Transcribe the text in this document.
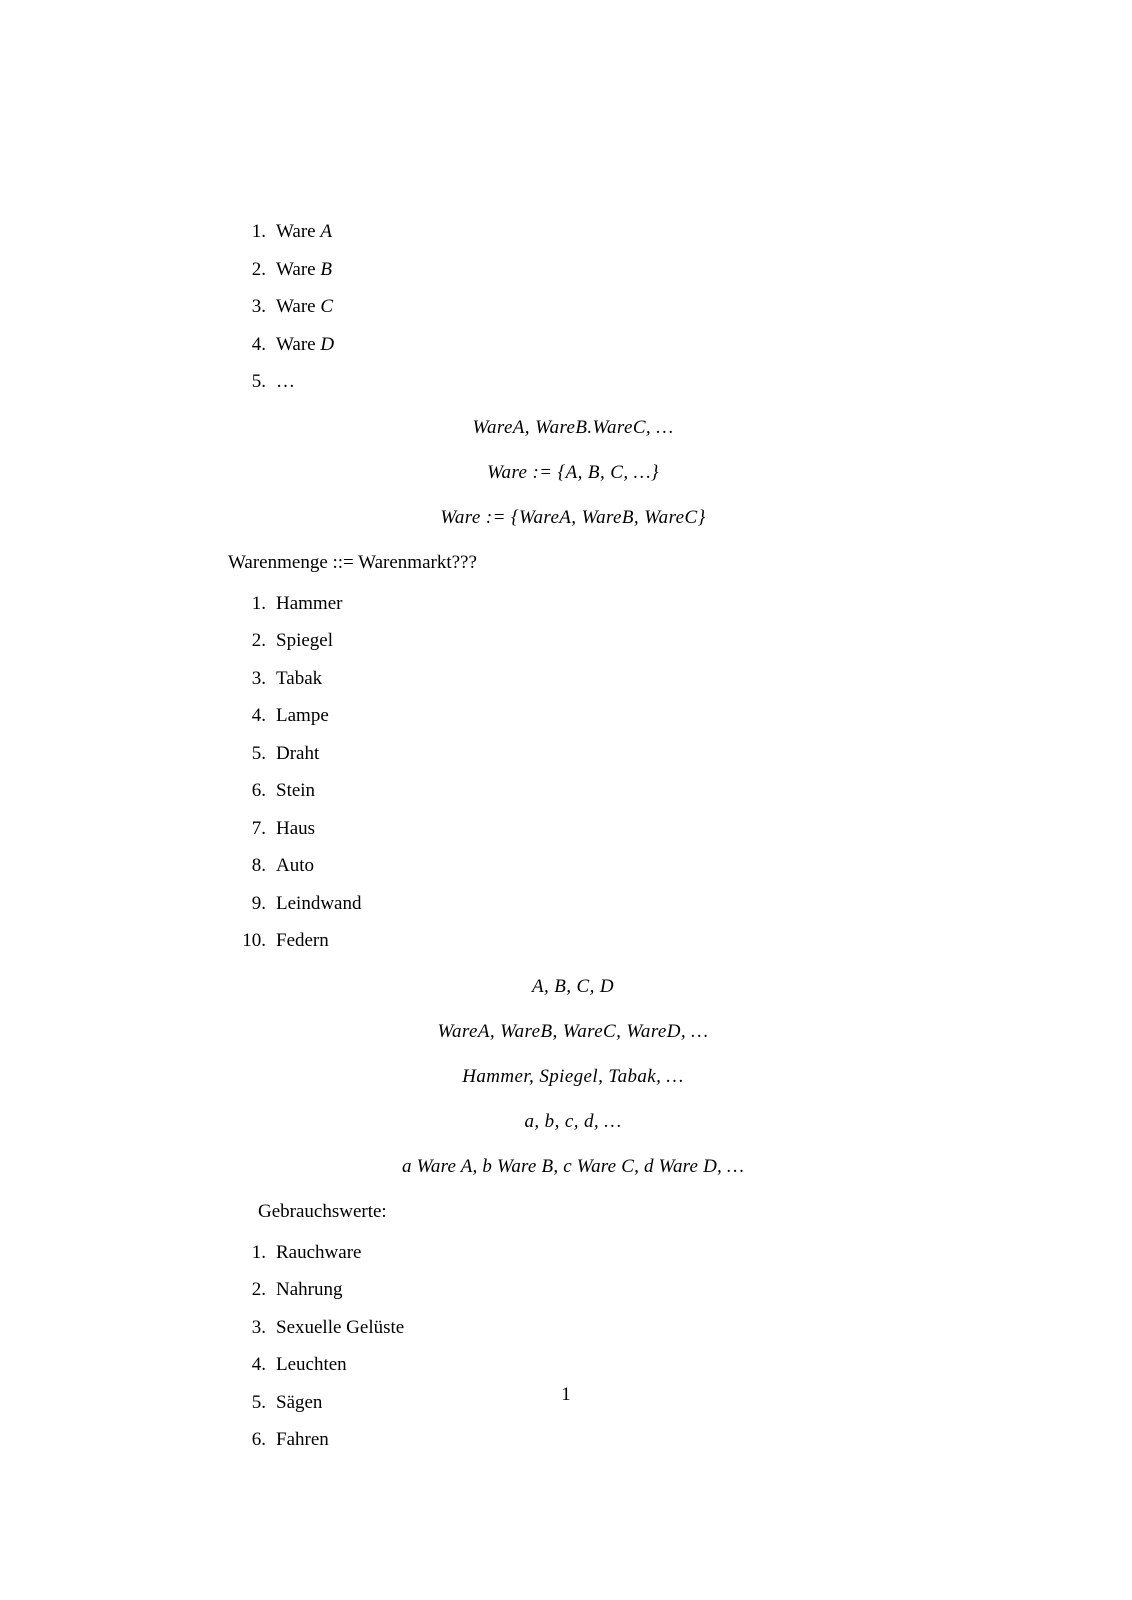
1. Ware A
2. Ware B
3. Ware C
4. Ware D
5. …
WareA, WareB.WareC, …
Ware := {A, B, C, …}
Ware := {WareA, WareB, WareC}
Warenmenge ::= Warenmarkt???
1. Hammer
2. Spiegel
3. Tabak
4. Lampe
5. Draht
6. Stein
7. Haus
8. Auto
9. Leindwand
10. Federn
A, B, C, D
WareA, WareB, WareC, WareD, …
Hammer, Spiegel, Tabak, …
a, b, c, d, …
a Ware A, b Ware B, c Ware C, d Ware D, …
Gebrauchswerte:
1. Rauchware
2. Nahrung
3. Sexuelle Gelüste
4. Leuchten
5. Sägen
6. Fahren
1
